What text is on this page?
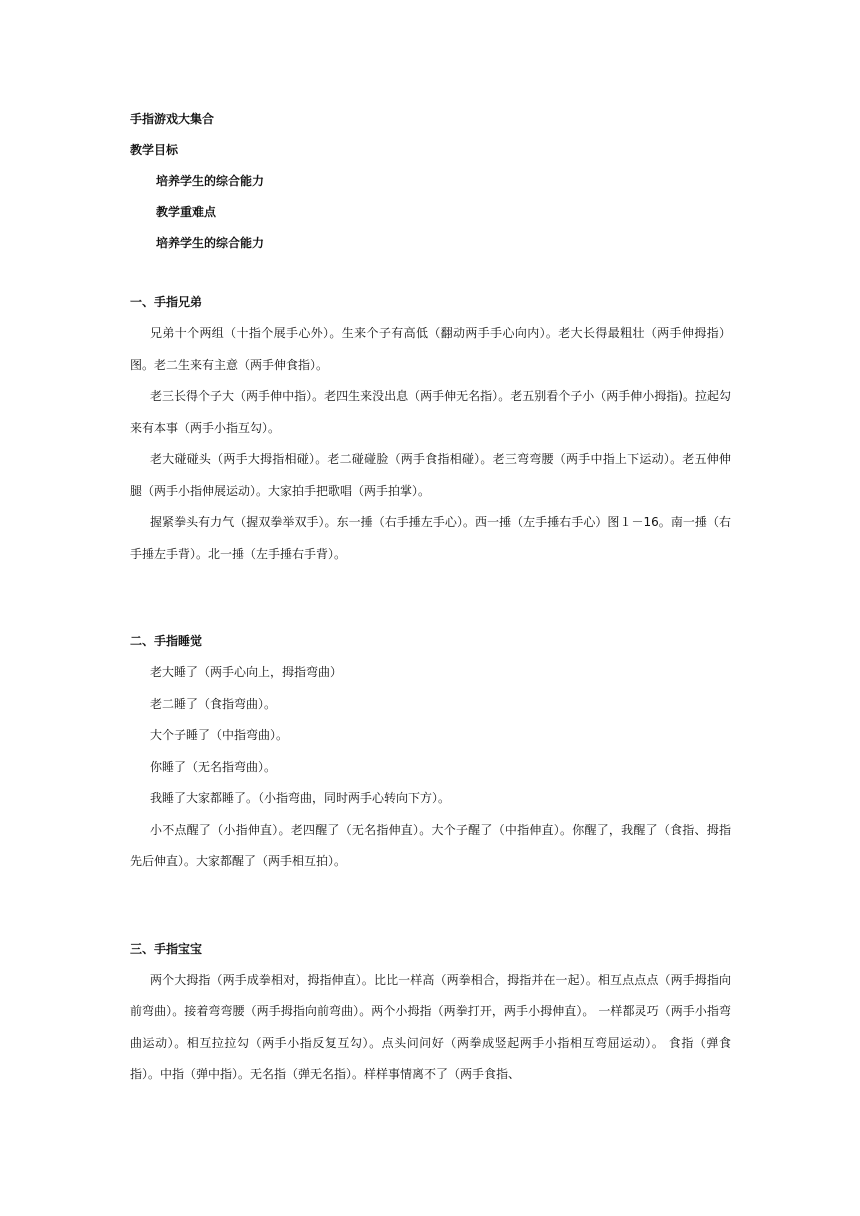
手指游戏大集合
教学目标
培养学生的综合能力
教学重难点
培养学生的综合能力
一、手指兄弟
兄弟十个两组（十指个展手心外）。生来个子有高低（翻动两手手心向内）。老大长得最粗壮（两手伸拇指）图。老二生来有主意（两手伸食指）。
老三长得个子大（两手伸中指）。老四生来没出息（两手伸无名指）。老五别看个子小（两手伸小拇指)。拉起勾来有本事（两手小指互勾）。
老大碰碰头（两手大拇指相碰）。老二碰碰脸（两手食指相碰）。老三弯弯腰（两手中指上下运动）。老五伸伸腿（两手小指伸展运动）。大家拍手把歌唱（两手拍掌）。
握紧拳头有力气（握双拳举双手）。东一捶（右手捶左手心）。西一捶（左手捶右手心）图１－16。南一捶（右手捶左手背）。北一捶（左手捶右手背）。
二、手指睡觉
老大睡了（两手心向上，拇指弯曲）
老二睡了（食指弯曲）。
大个子睡了（中指弯曲）。
你睡了（无名指弯曲）。
我睡了大家都睡了。（小指弯曲，同时两手心转向下方）。
小不点醒了（小指伸直）。老四醒了（无名指伸直）。大个子醒了（中指伸直）。你醒了，我醒了（食指、拇指先后伸直）。大家都醒了（两手相互拍）。
三、手指宝宝
两个大拇指（两手成拳相对，拇指伸直）。比比一样高（两拳相合，拇指并在一起）。相互点点点（两手拇指向前弯曲）。接着弯弯腰（两手拇指向前弯曲）。两个小拇指（两拳打开，两手小拇伸直）。 一样都灵巧（两手小指弯曲运动）。相互拉拉勾（两手小指反复互勾）。点头问问好（两拳成竖起两手小指相互弯屈运动）。 食指（弹食指）。中指（弹中指）。无名指（弹无名指）。样样事情离不了（两手食指、
